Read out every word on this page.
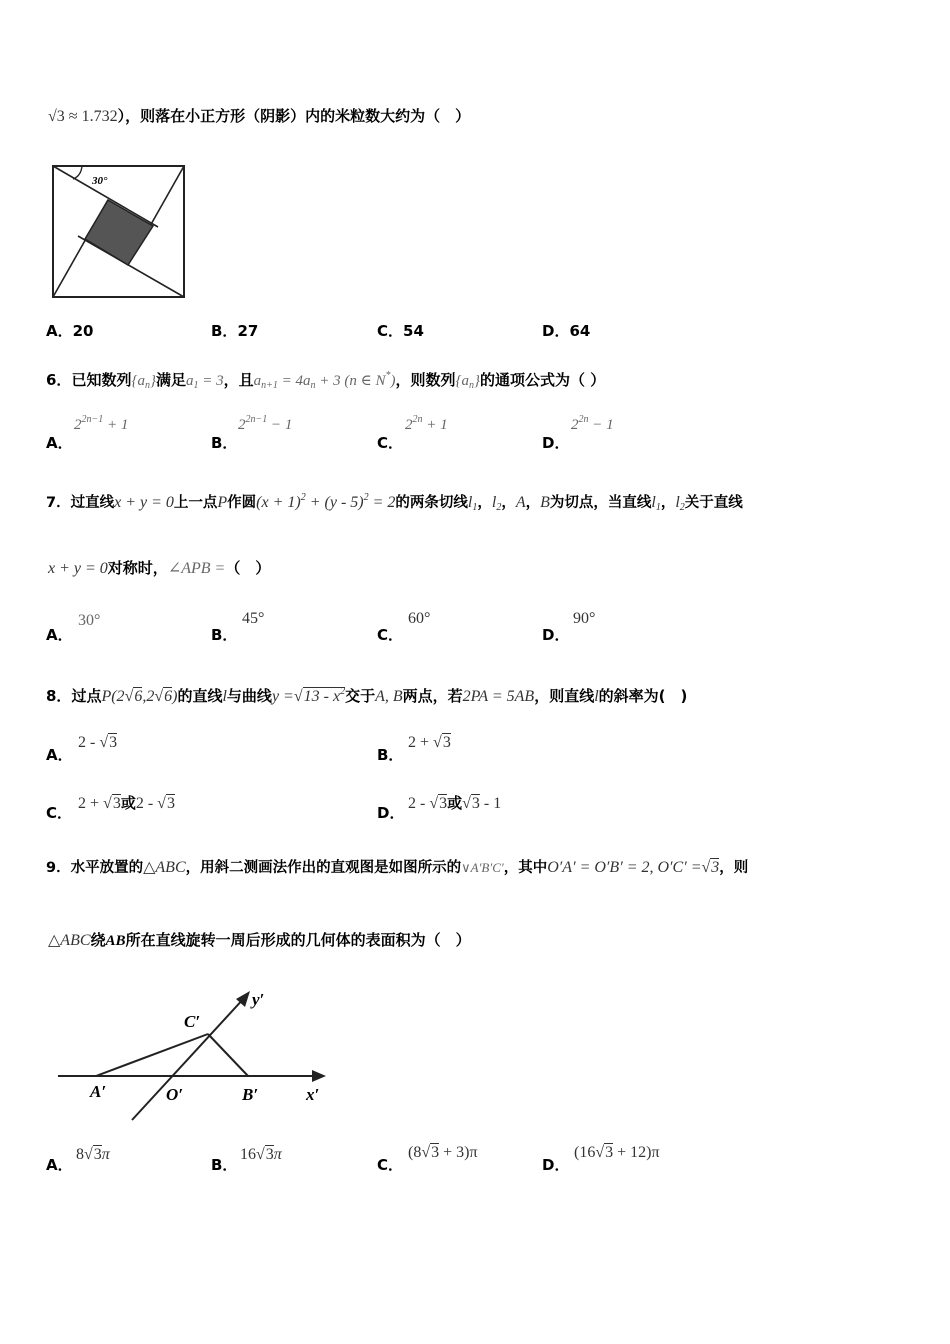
√3 ≈ 1.732），则落在小正方形（阴影）内的米粒数大约为（　）
30°
A．20	B．27	C．54	D．64
6．已知数列$\{a_n\}$满足$a_1 = 3$，且$a_{n+1} = 4a_n + 3$ (n ∈ N*)，则数列$\{a_n\}$的通项公式为（ ）
A．
$2^{2n-1} + 1$
B．
$2^{2n-1} - 1$
C．
$2^{2n} + 1$
D．
$2^{2n} - 1$
7．过直线x + y = 0上一点P作圆$(x + 1)^2 + (y - 5)^2 = 2$的两条切线$l_1$，$l_2$，A，B为切点，当直线$l_1$，$l_2$关于直线
x + y = 0对称时，∠APB =（　）
A．
30°
B．
45°
C．
60°
D．
90°
8．过点P(2√6,2√6)的直线l与曲线$y =√13 - x^2$交于A, B两点，若2PA = 5AB，则直线l的斜率为(　)
A．
2 - √3
B．
2 + √3
C．
2 + √3或2 - √3
D．
2 - √3或√3 - 1
9．水平放置的△ABC，用斜二测画法作出的直观图是如图所示的∨A′B′C′，其中O′A′ = O′B′ = 2, O′C′ =√3，则
△ABC绕AB所在直线旋转一周后形成的几何体的表面积为（　）
C′
y′
A′	O′	B′	x′
A．
8√3π
B．
16√3π
C．
(8√3 + 3)π
D．
(16√3 + 12)π
